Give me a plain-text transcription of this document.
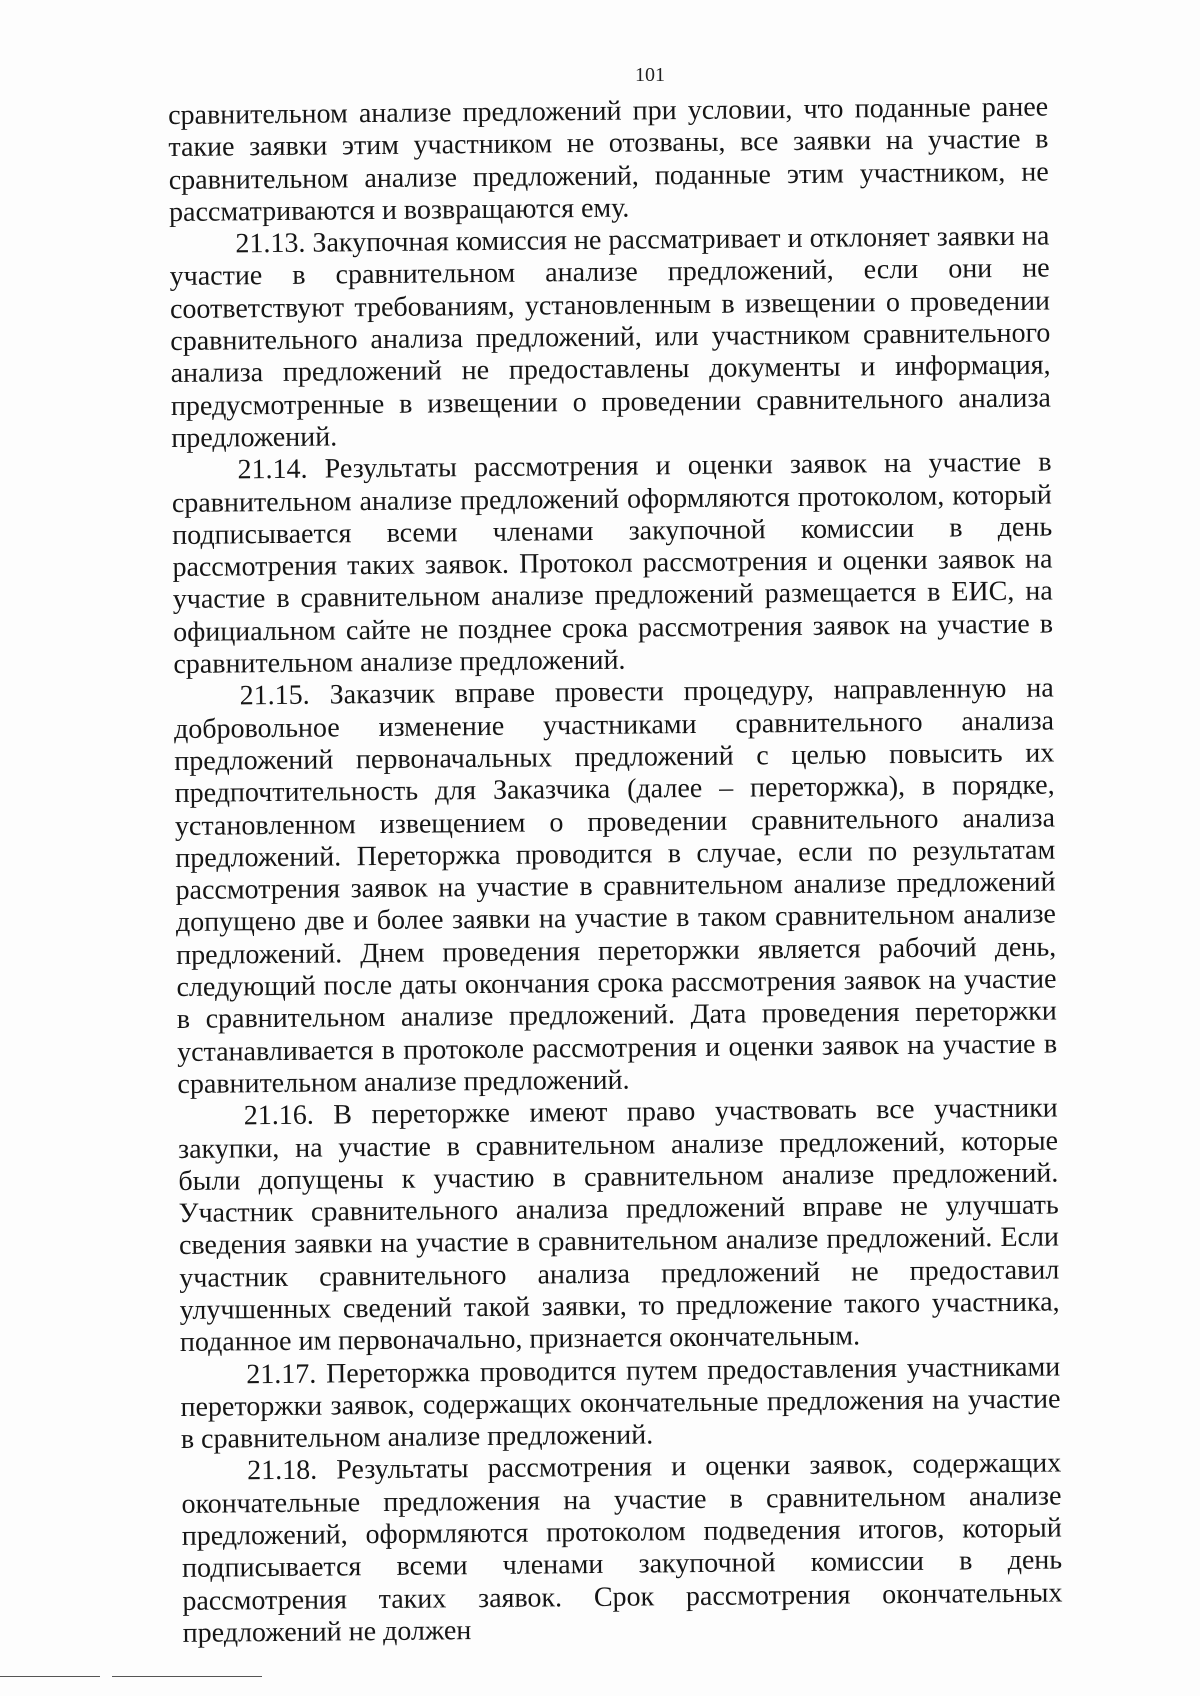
101

сравнительном анализе предложений при условии, что поданные ранее такие заявки этим участником не отозваны, все заявки на участие в сравнительном анализе предложений, поданные этим участником, не рассматриваются и возвращаются ему.

21.13. Закупочная комиссия не рассматривает и отклоняет заявки на участие в сравнительном анализе предложений, если они не соответствуют требованиям, установленным в извещении о проведении сравнительного анализа предложений, или участником сравнительного анализа предложений не предоставлены документы и информация, предусмотренные в извещении о проведении сравнительного анализа предложений.

21.14. Результаты рассмотрения и оценки заявок на участие в сравнительном анализе предложений оформляются протоколом, который подписывается всеми членами закупочной комиссии в день рассмотрения таких заявок. Протокол рассмотрения и оценки заявок на участие в сравнительном анализе предложений размещается в ЕИС, на официальном сайте не позднее срока рассмотрения заявок на участие в сравнительном анализе предложений.

21.15. Заказчик вправе провести процедуру, направленную на добровольное изменение участниками сравнительного анализа предложений первоначальных предложений с целью повысить их предпочтительность для Заказчика (далее – переторжка), в порядке, установленном извещением о проведении сравнительного анализа предложений. Переторжка проводится в случае, если по результатам рассмотрения заявок на участие в сравнительном анализе предложений допущено две и более заявки на участие в таком сравнительном анализе предложений. Днем проведения переторжки является рабочий день, следующий после даты окончания срока рассмотрения заявок на участие в сравнительном анализе предложений. Дата проведения переторжки устанавливается в протоколе рассмотрения и оценки заявок на участие в сравнительном анализе предложений.

21.16. В переторжке имеют право участвовать все участники закупки, на участие в сравнительном анализе предложений, которые были допущены к участию в сравнительном анализе предложений. Участник сравнительного анализа предложений вправе не улучшать сведения заявки на участие в сравнительном анализе предложений. Если участник сравнительного анализа предложений не предоставил улучшенных сведений такой заявки, то предложение такого участника, поданное им первоначально, признается окончательным.

21.17. Переторжка проводится путем предоставления участниками переторжки заявок, содержащих окончательные предложения на участие в сравнительном анализе предложений.

21.18. Результаты рассмотрения и оценки заявок, содержащих окончательные предложения на участие в сравнительном анализе предложений, оформляются протоколом подведения итогов, который подписывается всеми членами закупочной комиссии в день рассмотрения таких заявок. Срок рассмотрения окончательных предложений не должен
